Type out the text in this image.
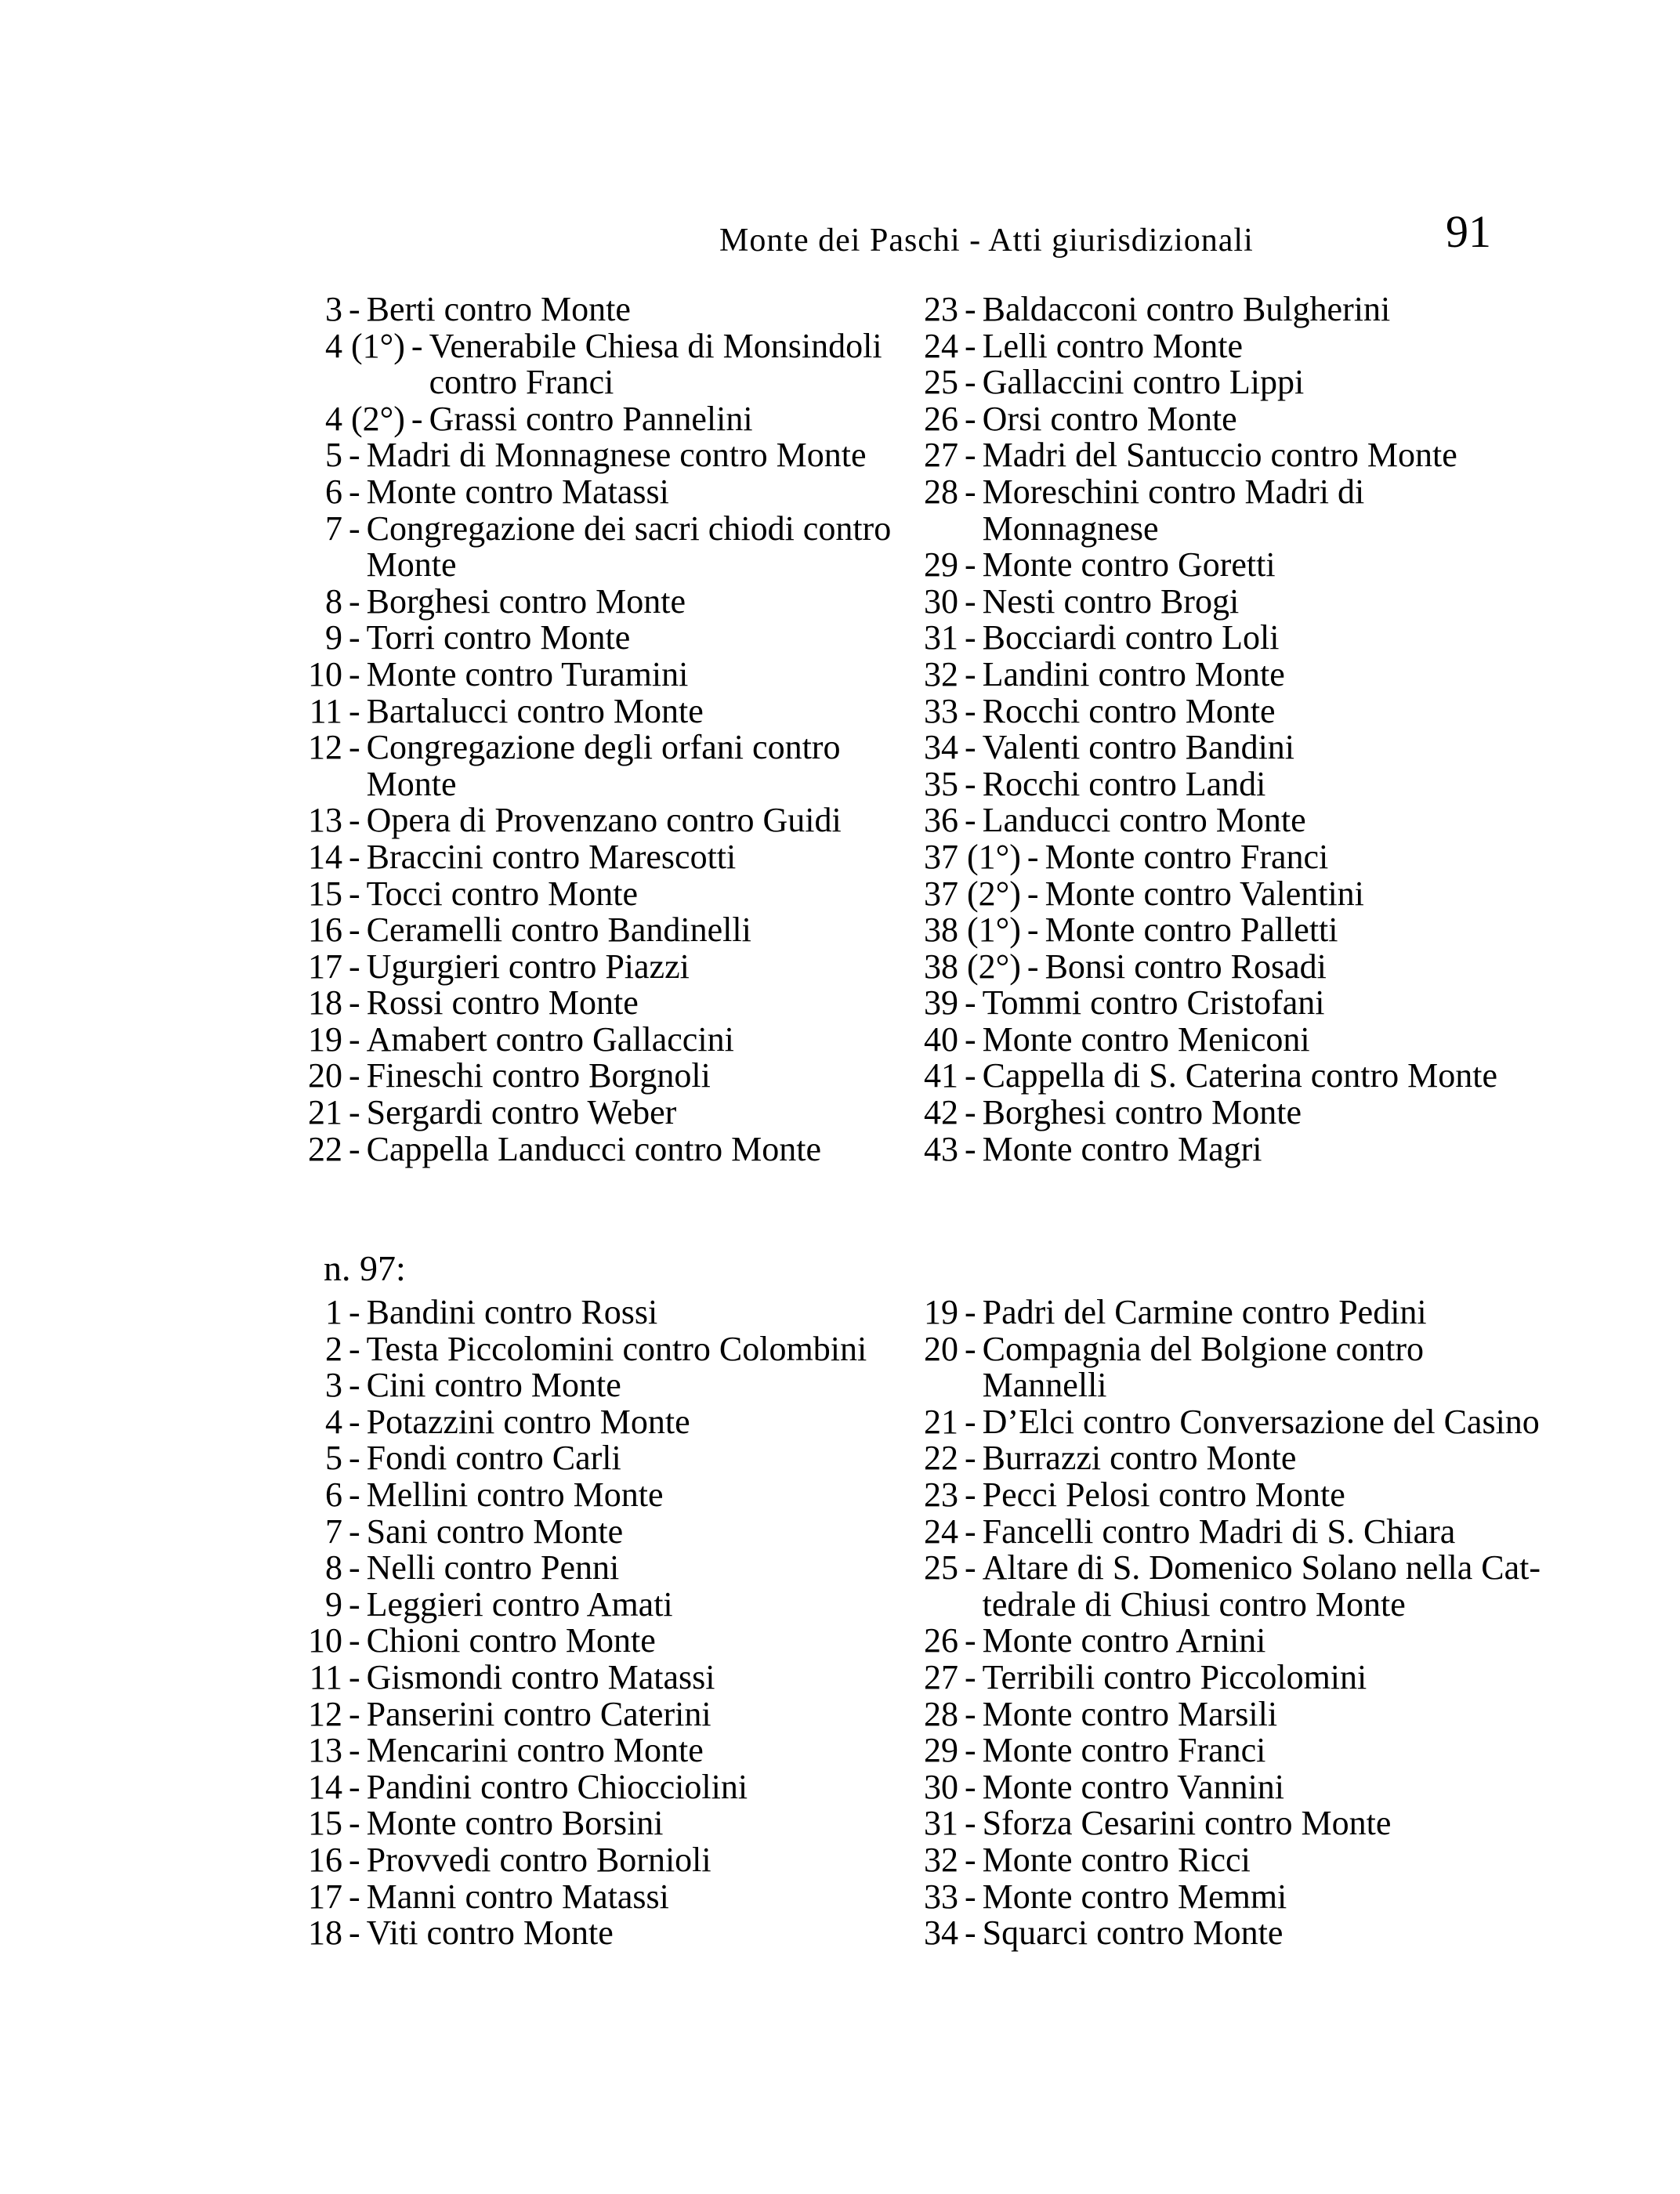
Monte dei Paschi - Atti giurisdizionali	91
3 - Berti contro Monte
4 (1°) - Venerabile Chiesa di Monsindoli
contro Franci
4 (2°) - Grassi contro Pannelini
5 - Madri di Monnagnese contro Monte
6 - Monte contro Matassi
7 - Congregazione dei sacri chiodi contro
Monte
8 - Borghesi contro Monte
9 - Torri contro Monte
10 - Monte contro Turamini
11 - Bartalucci contro Monte
12 - Congregazione degli orfani contro
Monte
13 - Opera di Provenzano contro Guidi
14 - Braccini contro Marescotti
15 - Tocci contro Monte
16 - Ceramelli contro Bandinelli
17 - Ugurgieri contro Piazzi
18 - Rossi contro Monte
19 - Amabert contro Gallaccini
20 - Fineschi contro Borgnoli
21 - Sergardi contro Weber
22 - Cappella Landucci contro Monte
23 - Baldacconi contro Bulgherini
24 - Lelli contro Monte
25 - Gallaccini contro Lippi
26 - Orsi contro Monte
27 - Madri del Santuccio contro Monte
28 - Moreschini contro Madri di
Monnagnese
29 - Monte contro Goretti
30 - Nesti contro Brogi
31 - Bocciardi contro Loli
32 - Landini contro Monte
33 - Rocchi contro Monte
34 - Valenti contro Bandini
35 - Rocchi contro Landi
36 - Landucci contro Monte
37 (1°) - Monte contro Franci
37 (2°) - Monte contro Valentini
38 (1°) - Monte contro Palletti
38 (2°) - Bonsi contro Rosadi
39 - Tommi contro Cristofani
40 - Monte contro Meniconi
41 - Cappella di S. Caterina contro Monte
42 - Borghesi contro Monte
43 - Monte contro Magri
n. 97:
1 - Bandini contro Rossi
2 - Testa Piccolomini contro Colombini
3 - Cini contro Monte
4 - Potazzini contro Monte
5 - Fondi contro Carli
6 - Mellini contro Monte
7 - Sani contro Monte
8 - Nelli contro Penni
9 - Leggieri contro Amati
10 - Chioni contro Monte
11 - Gismondi contro Matassi
12 - Panserini contro Caterini
13 - Mencarini contro Monte
14 - Pandini contro Chiocciolini
15 - Monte contro Borsini
16 - Provvedi contro Bornioli
17 - Manni contro Matassi
18 - Viti contro Monte
19 - Padri del Carmine contro Pedini
20 - Compagnia del Bolgione contro
Mannelli
21 - D’Elci contro Conversazione del Casino
22 - Burrazzi contro Monte
23 - Pecci Pelosi contro Monte
24 - Fancelli contro Madri di S. Chiara
25 - Altare di S. Domenico Solano nella Cat-
tedrale di Chiusi contro Monte
26 - Monte contro Arnini
27 - Terribili contro Piccolomini
28 - Monte contro Marsili
29 - Monte contro Franci
30 - Monte contro Vannini
31 - Sforza Cesarini contro Monte
32 - Monte contro Ricci
33 - Monte contro Memmi
34 - Squarci contro Monte
